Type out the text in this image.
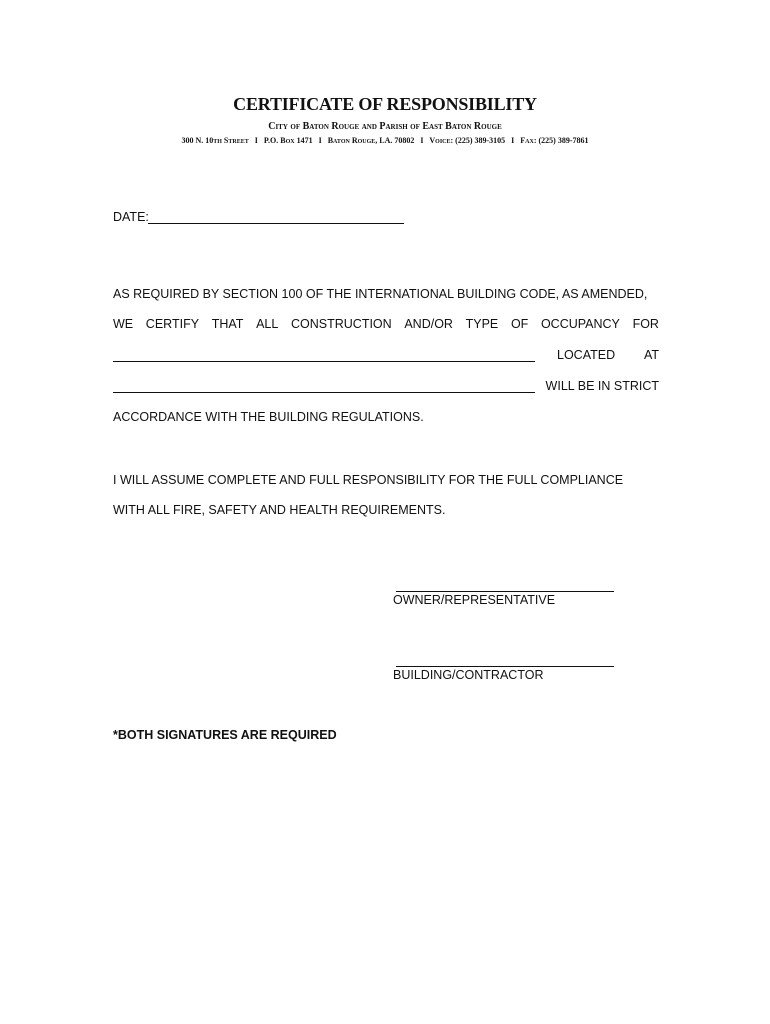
CERTIFICATE OF RESPONSIBILITY
City of Baton Rouge and Parish of East Baton Rouge
300 N. 10th Street I P.O. Box 1471 I Baton Rouge, LA. 70802 I Voice: (225) 389-3105 I Fax: (225) 389-7861
DATE:
AS REQUIRED BY SECTION 100 OF THE INTERNATIONAL BUILDING CODE, AS AMENDED,
WE CERTIFY THAT ALL CONSTRUCTION AND/OR TYPE OF OCCUPANCY FOR
LOCATED AT
WILL BE IN STRICT
ACCORDANCE WITH THE BUILDING REGULATIONS.
I WILL ASSUME COMPLETE AND FULL RESPONSIBILITY FOR THE FULL COMPLIANCE
WITH ALL FIRE, SAFETY AND HEALTH REQUIREMENTS.
OWNER/REPRESENTATIVE
BUILDING/CONTRACTOR
*BOTH SIGNATURES ARE REQUIRED
